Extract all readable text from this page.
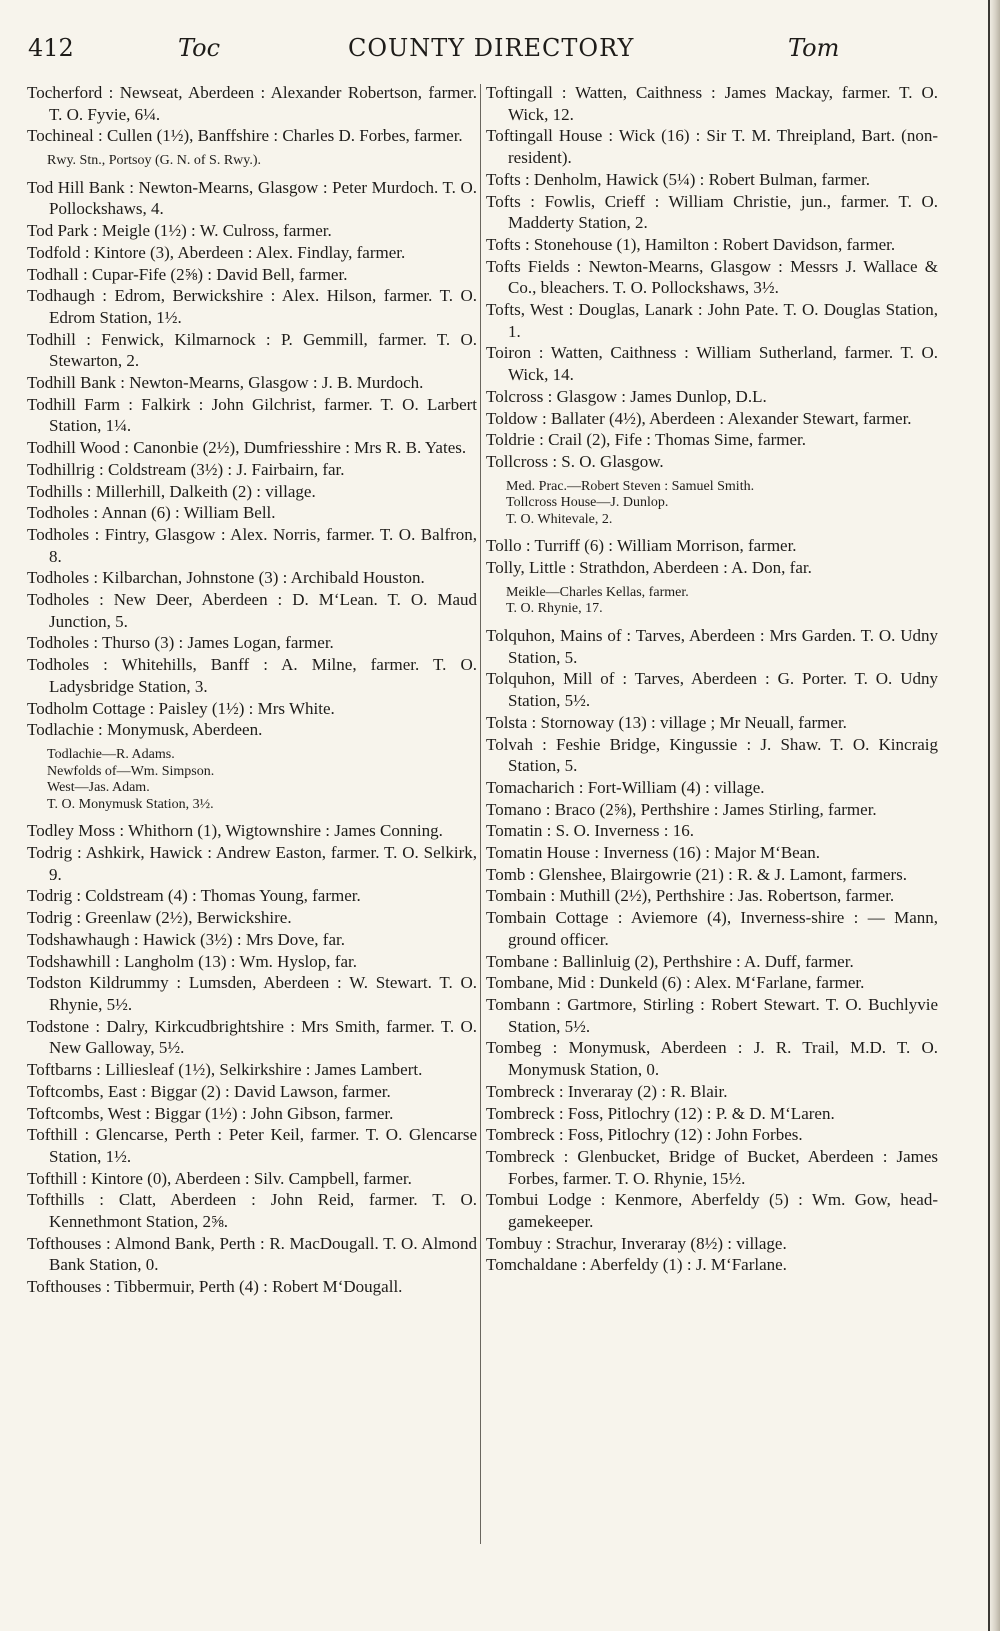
412	Toc	COUNTY DIRECTORY	Tom

Tocherford : Newseat, Aberdeen : Alexander Robertson, farmer. T. O. Fyvie, 6¼.

Tochineal : Cullen (1½), Banffshire : Charles D. Forbes, farmer.

Rwy. Stn., Portsoy (G. N. of S. Rwy.).

Tod Hill Bank : Newton-Mearns, Glasgow : Peter Murdoch. T. O. Pollockshaws, 4.

Tod Park : Meigle (1½) : W. Culross, farmer.

Todfold : Kintore (3), Aberdeen : Alex. Findlay, farmer.

Todhall : Cupar-Fife (2⅝) : David Bell, farmer.

Todhaugh : Edrom, Berwickshire : Alex. Hilson, farmer. T. O. Edrom Station, 1½.

Todhill : Fenwick, Kilmarnock : P. Gemmill, farmer. T. O. Stewarton, 2.

Todhill Bank : Newton-Mearns, Glasgow : J. B. Murdoch.

Todhill Farm : Falkirk : John Gilchrist, farmer. T. O. Larbert Station, 1¼.

Todhill Wood : Canonbie (2½), Dumfriesshire : Mrs R. B. Yates.

Todhillrig : Coldstream (3½) : J. Fairbairn, far.

Todhills : Millerhill, Dalkeith (2) : village.

Todholes : Annan (6) : William Bell.

Todholes : Fintry, Glasgow : Alex. Norris, farmer. T. O. Balfron, 8.

Todholes : Kilbarchan, Johnstone (3) : Archibald Houston.

Todholes : New Deer, Aberdeen : D. M‘Lean. T. O. Maud Junction, 5.

Todholes : Thurso (3) : James Logan, farmer.

Todholes : Whitehills, Banff : A. Milne, farmer. T. O. Ladysbridge Station, 3.

Todholm Cottage : Paisley (1½) : Mrs White.

Todlachie : Monymusk, Aberdeen.

Todlachie—R. Adams.
Newfolds of—Wm. Simpson.
West—Jas. Adam.
T. O. Monymusk Station, 3½.

Todley Moss : Whithorn (1), Wigtownshire : James Conning.

Todrig : Ashkirk, Hawick : Andrew Easton, farmer. T. O. Selkirk, 9.

Todrig : Coldstream (4) : Thomas Young, farmer.

Todrig : Greenlaw (2½), Berwickshire.

Todshawhaugh : Hawick (3½) : Mrs Dove, far.

Todshawhill : Langholm (13) : Wm. Hyslop, far.

Todston Kildrummy : Lumsden, Aberdeen : W. Stewart. T. O. Rhynie, 5½.

Todstone : Dalry, Kirkcudbrightshire : Mrs Smith, farmer. T. O. New Galloway, 5½.

Toftbarns : Lilliesleaf (1½), Selkirkshire : James Lambert.

Toftcombs, East : Biggar (2) : David Lawson, farmer.

Toftcombs, West : Biggar (1½) : John Gibson, farmer.

Tofthill : Glencarse, Perth : Peter Keil, farmer. T. O. Glencarse Station, 1½.

Tofthill : Kintore (0), Aberdeen : Silv. Campbell, farmer.

Tofthills : Clatt, Aberdeen : John Reid, farmer. T. O. Kennethmont Station, 2⅝.

Tofthouses : Almond Bank, Perth : R. MacDougall. T. O. Almond Bank Station, 0.

Tofthouses : Tibbermuir, Perth (4) : Robert M‘Dougall.

Toftingall : Watten, Caithness : James Mackay, farmer. T. O. Wick, 12.

Toftingall House : Wick (16) : Sir T. M. Threipland, Bart. (non-resident).

Tofts : Denholm, Hawick (5¼) : Robert Bulman, farmer.

Tofts : Fowlis, Crieff : William Christie, jun., farmer. T. O. Madderty Station, 2.

Tofts : Stonehouse (1), Hamilton : Robert Davidson, farmer.

Tofts Fields : Newton-Mearns, Glasgow : Messrs J. Wallace & Co., bleachers. T. O. Pollockshaws, 3½.

Tofts, West : Douglas, Lanark : John Pate. T. O. Douglas Station, 1.

Toiron : Watten, Caithness : William Sutherland, farmer. T. O. Wick, 14.

Tolcross : Glasgow : James Dunlop, D.L.

Toldow : Ballater (4½), Aberdeen : Alexander Stewart, farmer.

Toldrie : Crail (2), Fife : Thomas Sime, farmer.

Tollcross : S. O. Glasgow.

Med. Prac.—Robert Steven : Samuel Smith.
Tollcross House—J. Dunlop.
T. O. Whitevale, 2.

Tollo : Turriff (6) : William Morrison, farmer.

Tolly, Little : Strathdon, Aberdeen : A. Don, far.

Meikle—Charles Kellas, farmer.
T. O. Rhynie, 17.

Tolquhon, Mains of : Tarves, Aberdeen : Mrs Garden. T. O. Udny Station, 5.

Tolquhon, Mill of : Tarves, Aberdeen : G. Porter. T. O. Udny Station, 5½.

Tolsta : Stornoway (13) : village ; Mr Neuall, farmer.

Tolvah : Feshie Bridge, Kingussie : J. Shaw. T. O. Kincraig Station, 5.

Tomacharich : Fort-William (4) : village.

Tomano : Braco (2⅝), Perthshire : James Stirling, farmer.

Tomatin : S. O. Inverness : 16.

Tomatin House : Inverness (16) : Major M‘Bean.

Tomb : Glenshee, Blairgowrie (21) : R. & J. Lamont, farmers.

Tombain : Muthill (2½), Perthshire : Jas. Robertson, farmer.

Tombain Cottage : Aviemore (4), Inverness-shire : — Mann, ground officer.

Tombane : Ballinluig (2), Perthshire : A. Duff, farmer.

Tombane, Mid : Dunkeld (6) : Alex. M‘Farlane, farmer.

Tombann : Gartmore, Stirling : Robert Stewart. T. O. Buchlyvie Station, 5½.

Tombeg : Monymusk, Aberdeen : J. R. Trail, M.D. T. O. Monymusk Station, 0.

Tombreck : Inveraray (2) : R. Blair.

Tombreck : Foss, Pitlochry (12) : P. & D. M‘Laren.

Tombreck : Foss, Pitlochry (12) : John Forbes.

Tombreck : Glenbucket, Bridge of Bucket, Aberdeen : James Forbes, farmer. T. O. Rhynie, 15½.

Tombui Lodge : Kenmore, Aberfeldy (5) : Wm. Gow, head-gamekeeper.

Tombuy : Strachur, Inveraray (8½) : village.

Tomchaldane : Aberfeldy (1) : J. M‘Farlane.
